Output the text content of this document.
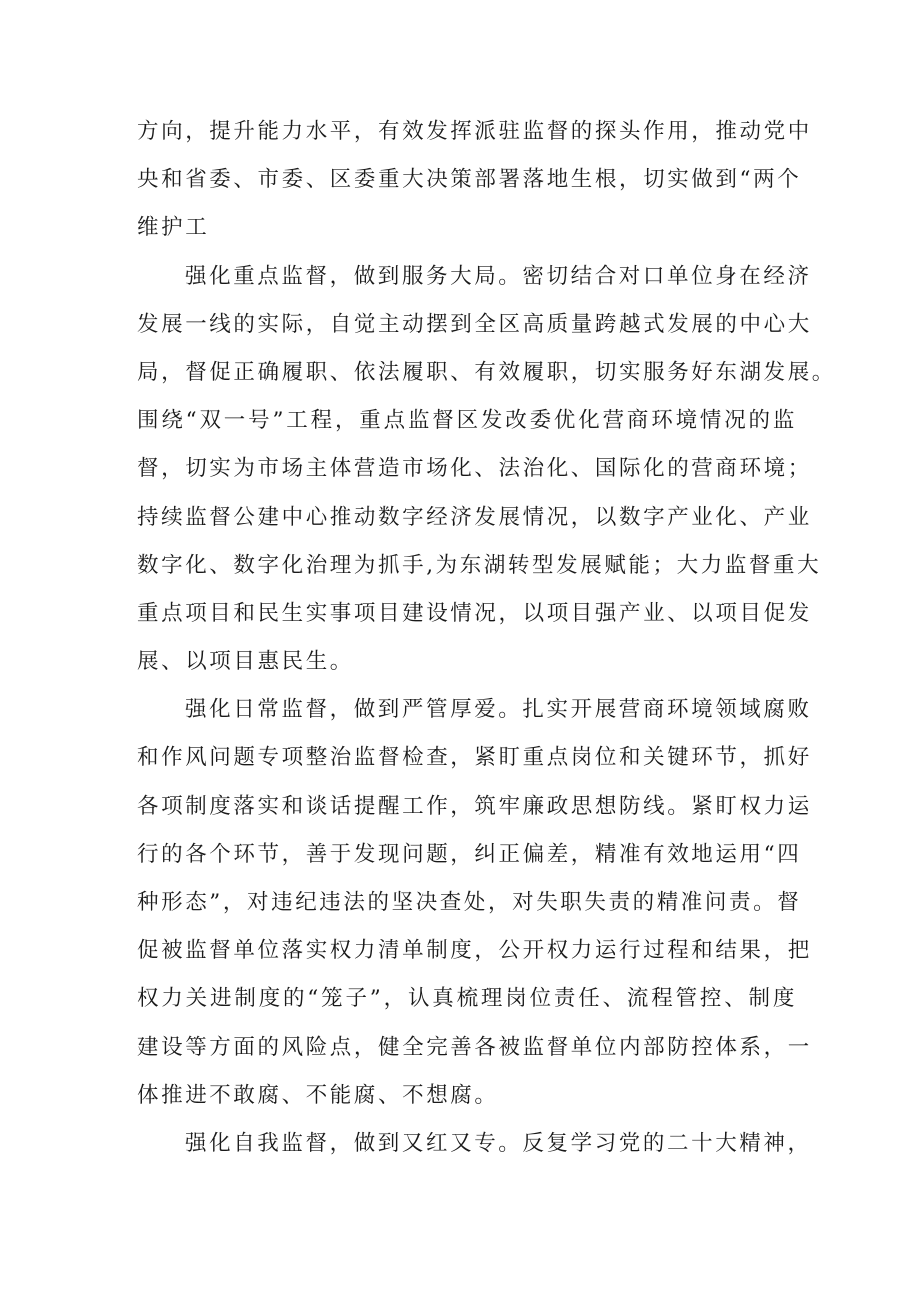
方向，提升能力水平，有效发挥派驻监督的探头作用，推动党中
央和省委、市委、区委重大决策部署落地生根，切实做到“两个
维护工
强化重点监督，做到服务大局。密切结合对口单位身在经济
发展一线的实际，自觉主动摆到全区高质量跨越式发展的中心大
局，督促正确履职、依法履职、有效履职，切实服务好东湖发展。
围绕“双一号”工程，重点监督区发改委优化营商环境情况的监
督，切实为市场主体营造市场化、法治化、国际化的营商环境；
持续监督公建中心推动数字经济发展情况，以数字产业化、产业
数字化、数字化治理为抓手,为东湖转型发展赋能；大力监督重大
重点项目和民生实事项目建设情况，以项目强产业、以项目促发
展、以项目惠民生。
强化日常监督，做到严管厚爱。扎实开展营商环境领域腐败
和作风问题专项整治监督检查，紧盯重点岗位和关键环节，抓好
各项制度落实和谈话提醒工作，筑牢廉政思想防线。紧盯权力运
行的各个环节，善于发现问题，纠正偏差，精准有效地运用“四
种形态”，对违纪违法的坚决查处，对失职失责的精准问责。督
促被监督单位落实权力清单制度，公开权力运行过程和结果，把
权力关进制度的“笼子”，认真梳理岗位责任、流程管控、制度
建设等方面的风险点，健全完善各被监督单位内部防控体系，一
体推进不敢腐、不能腐、不想腐。
强化自我监督，做到又红又专。反复学习党的二十大精神，
